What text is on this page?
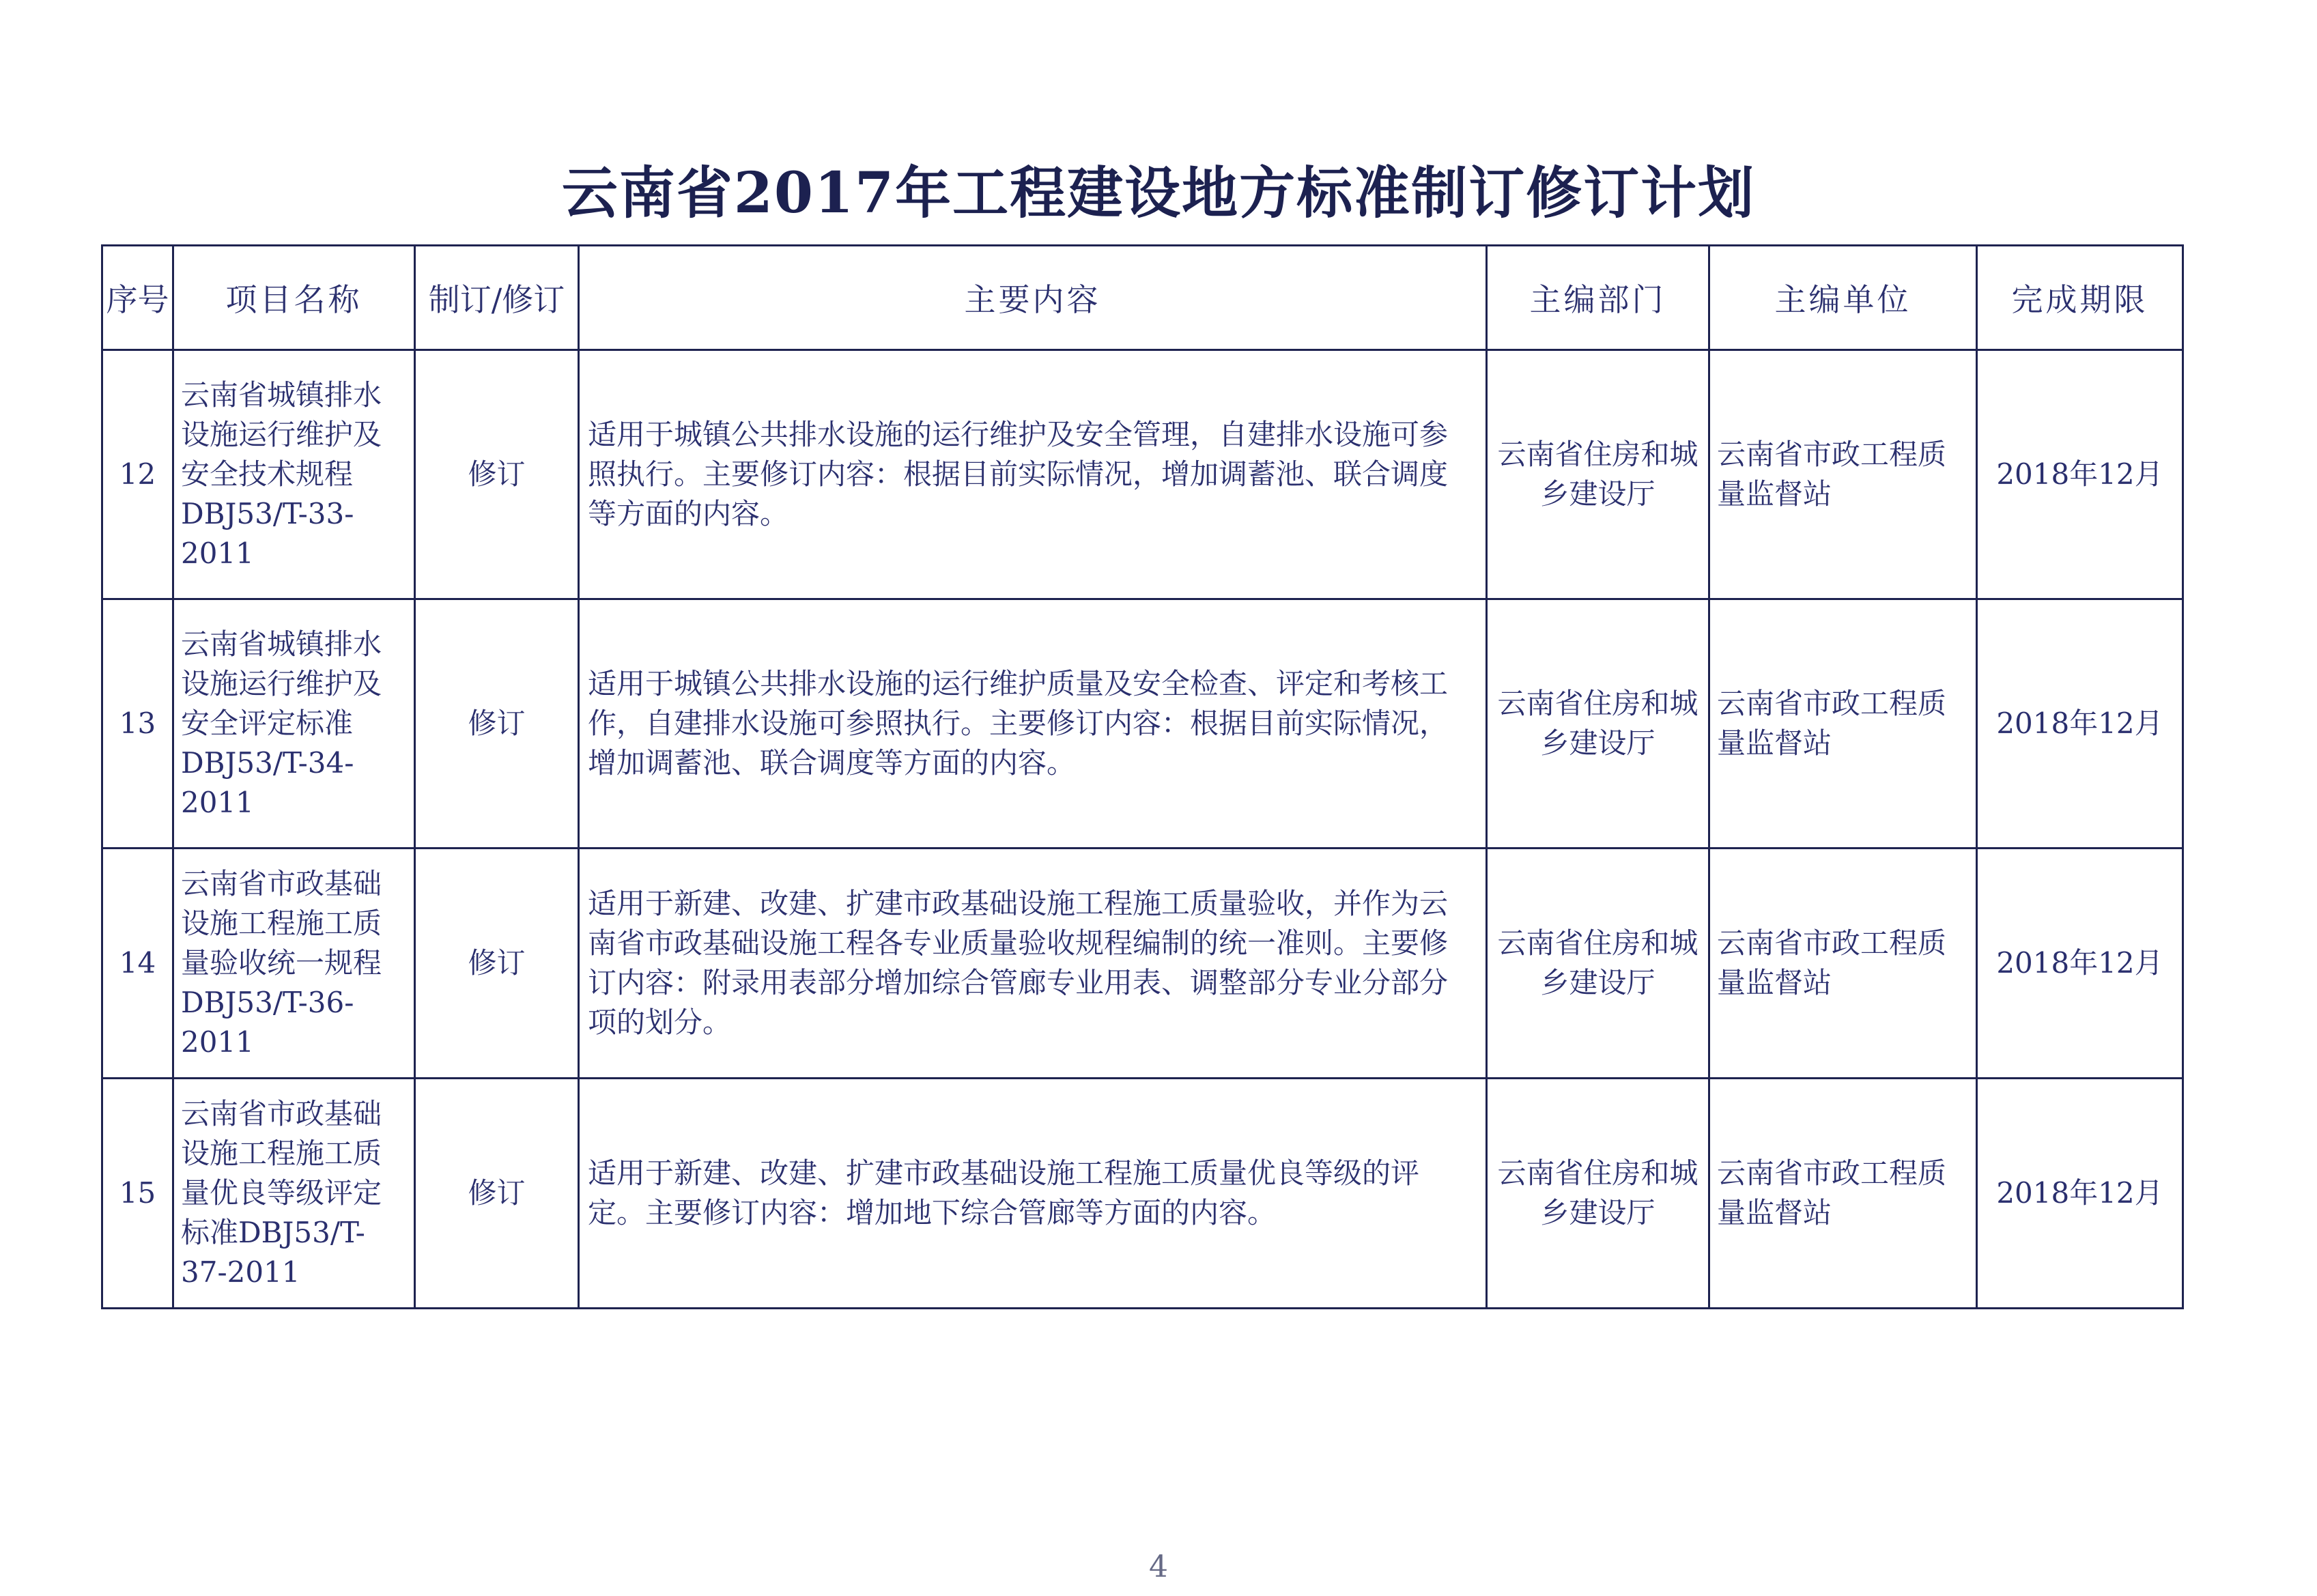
云南省2017年工程建设地方标准制订修订计划
序号	项目名称	制订/修订	主要内容	主编部门	主编单位	完成期限
12	云南省城镇排水设施运行维护及安全技术规程DBJ53/T-33-2011	修订	适用于城镇公共排水设施的运行维护及安全管理，自建排水设施可参照执行。主要修订内容：根据目前实际情况，增加调蓄池、联合调度等方面的内容。	云南省住房和城乡建设厅	云南省市政工程质量监督站	2018年12月
13	云南省城镇排水设施运行维护及安全评定标准DBJ53/T-34-2011	修订	适用于城镇公共排水设施的运行维护质量及安全检查、评定和考核工作，自建排水设施可参照执行。主要修订内容：根据目前实际情况，增加调蓄池、联合调度等方面的内容。	云南省住房和城乡建设厅	云南省市政工程质量监督站	2018年12月
14	云南省市政基础设施工程施工质量验收统一规程DBJ53/T-36-2011	修订	适用于新建、改建、扩建市政基础设施工程施工质量验收，并作为云南省市政基础设施工程各专业质量验收规程编制的统一准则。主要修订内容：附录用表部分增加综合管廊专业用表、调整部分专业分部分项的划分。	云南省住房和城乡建设厅	云南省市政工程质量监督站	2018年12月
15	云南省市政基础设施工程施工质量优良等级评定标准DBJ53/T-37-2011	修订	适用于新建、改建、扩建市政基础设施工程施工质量优良等级的评定。主要修订内容：增加地下综合管廊等方面的内容。	云南省住房和城乡建设厅	云南省市政工程质量监督站	2018年12月
4
